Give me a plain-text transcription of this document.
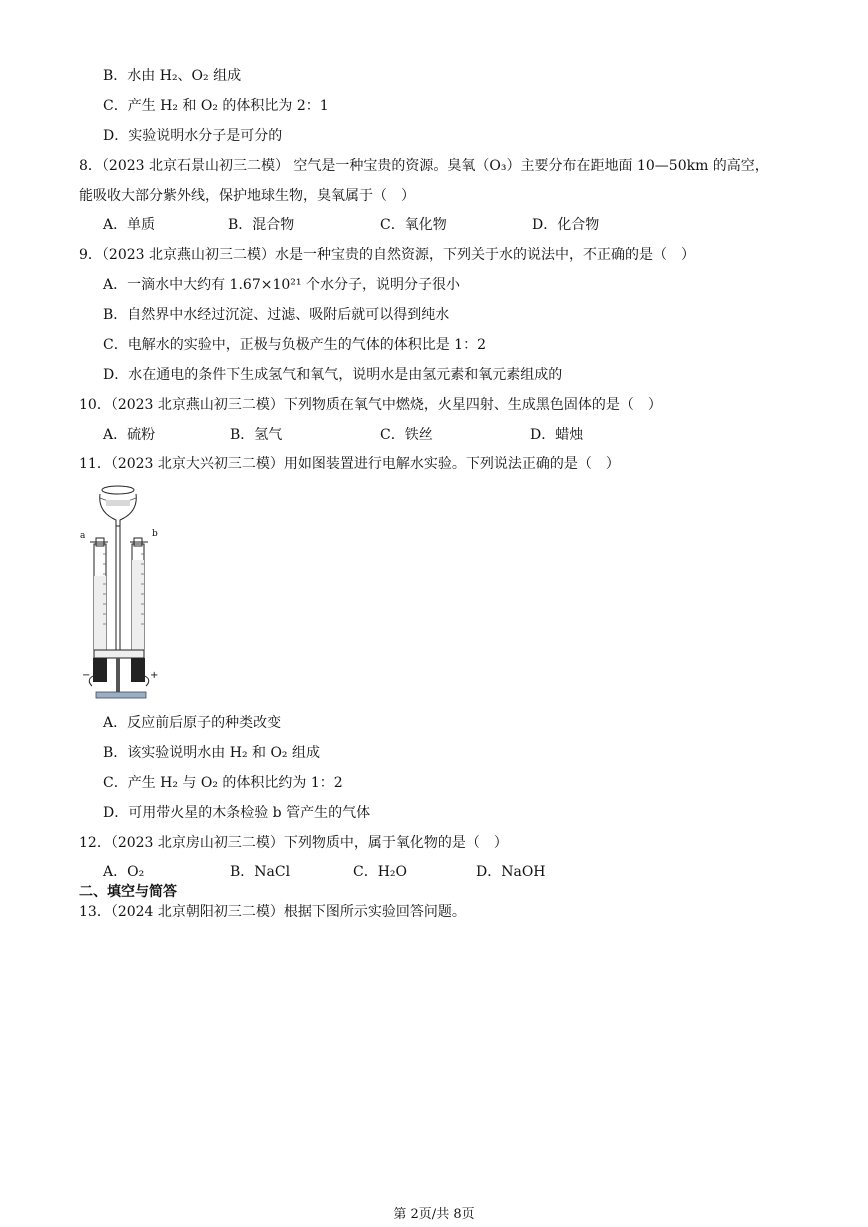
B．水由 H₂、O₂ 组成
C．产生 H₂ 和 O₂ 的体积比为 2：1
D．实验说明水分子是可分的
8．（2023 北京石景山初三二模） 空气是一种宝贵的资源。臭氧（O₃）主要分布在距地面 10—50km 的高空，
能吸收大部分紫外线，保护地球生物，臭氧属于（　）
A．单质	B．混合物	C．氧化物	D．化合物
9．（2023 北京燕山初三二模）水是一种宝贵的自然资源，下列关于水的说法中，不正确的是（　）
A．一滴水中大约有 1.67×10²¹ 个水分子，说明分子很小
B．自然界中水经过沉淀、过滤、吸附后就可以得到纯水
C．电解水的实验中，正极与负极产生的气体的体积比是 1：2
D．水在通电的条件下生成氢气和氧气，说明水是由氢元素和氧元素组成的
10．（2023 北京燕山初三二模）下列物质在氧气中燃烧，火星四射、生成黑色固体的是（　）
A．硫粉	B．氢气	C．铁丝	D．蜡烛
11．（2023 北京大兴初三二模）用如图装置进行电解水实验。下列说法正确的是（　）
a	b
−	+
A．反应前后原子的种类改变
B．该实验说明水由 H₂ 和 O₂ 组成
C．产生 H₂ 与 O₂ 的体积比约为 1：2
D．可用带火星的木条检验 b 管产生的气体
12．（2023 北京房山初三二模）下列物质中，属于氧化物的是（　）
A．O₂	B．NaCl	C．H₂O	D．NaOH
二、填空与简答
13．（2024 北京朝阳初三二模）根据下图所示实验回答问题。
第 2页/共 8页
